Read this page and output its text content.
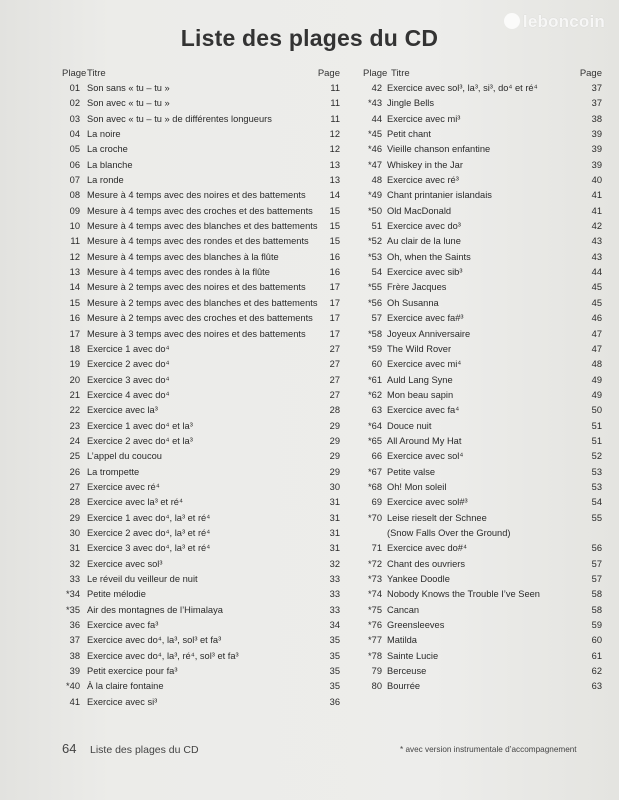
leboncoin
Liste des plages du CD
Plage Titre	Page
01 Son sans « tu – tu »	11
02 Son avec « tu – tu »	11
03 Son avec « tu – tu » de différentes longueurs	11
04 La noire	12
05 La croche	12
06 La blanche	13
07 La ronde	13
08 Mesure à 4 temps avec des noires et des battements	14
09 Mesure à 4 temps avec des croches et des battements 15
10 Mesure à 4 temps avec des blanches et des battements 15
11 Mesure à 4 temps avec des rondes et des battements 15
12 Mesure à 4 temps avec des blanches à la flûte	16
13 Mesure à 4 temps avec des rondes à la flûte	16
14 Mesure à 2 temps avec des noires et des battements	17
15 Mesure à 2 temps avec des blanches et des battements 17
16 Mesure à 2 temps avec des croches et des battements 17
17 Mesure à 3 temps avec des noires et des battements	17
18 Exercice 1 avec do⁴	27
19 Exercice 2 avec do⁴	27
20 Exercice 3 avec do⁴	27
21 Exercice 4 avec do⁴	27
22 Exercice avec la³	28
23 Exercice 1 avec do⁴ et la³	29
24 Exercice 2 avec do⁴ et la³	29
25 L’appel du coucou	29
26 La trompette	29
27 Exercice avec ré⁴	30
28 Exercice avec la³ et ré⁴	31
29 Exercice 1 avec do⁴, la³ et ré⁴	31
30 Exercice 2 avec do⁴, la³ et ré⁴	31
31 Exercice 3 avec do⁴, la³ et ré⁴	31
32 Exercice avec sol³	32
33 Le réveil du veilleur de nuit	33
*34 Petite mélodie	33
*35 Air des montagnes de l’Himalaya	33
36 Exercice avec fa³	34
37 Exercice avec do⁴, la³, sol³ et fa³	35
38 Exercice avec do⁴, la³, ré⁴, sol³ et fa³	35
39 Petit exercice pour fa³	35
*40 À la claire fontaine	35
41 Exercice avec si³	36
Plage Titre	Page
42 Exercice avec sol³, la³, si³, do⁴ et ré⁴	37
*43 Jingle Bells	37
44 Exercice avec mi³	38
*45 Petit chant	39
*46 Vieille chanson enfantine	39
*47 Whiskey in the Jar	39
48 Exercice avec ré³	40
*49 Chant printanier islandais	41
*50 Old MacDonald	41
51 Exercice avec do³	42
*52 Au clair de la lune	43
*53 Oh, when the Saints	43
54 Exercice avec sib³	44
*55 Frère Jacques	45
*56 Oh Susanna	45
57 Exercice avec fa#³	46
*58 Joyeux Anniversaire	47
*59 The Wild Rover	47
60 Exercice avec mi⁴	48
*61 Auld Lang Syne	49
*62 Mon beau sapin	49
63 Exercice avec fa⁴	50
*64 Douce nuit	51
*65 All Around My Hat	51
66 Exercice avec sol⁴	52
*67 Petite valse	53
*68 Oh! Mon soleil	53
69 Exercice avec sol#³	54
*70 Leise rieselt der Schnee	55
(Snow Falls Over the Ground)
71 Exercice avec do#⁴	56
*72 Chant des ouvriers	57
*73 Yankee Doodle	57
*74 Nobody Knows the Trouble I’ve Seen	58
*75 Cancan	58
*76 Greensleeves	59
*77 Matilda	60
*78 Sainte Lucie	61
79 Berceuse	62
80 Bourrée	63
64 Liste des plages du CD	* avec version instrumentale d’accompagnement
